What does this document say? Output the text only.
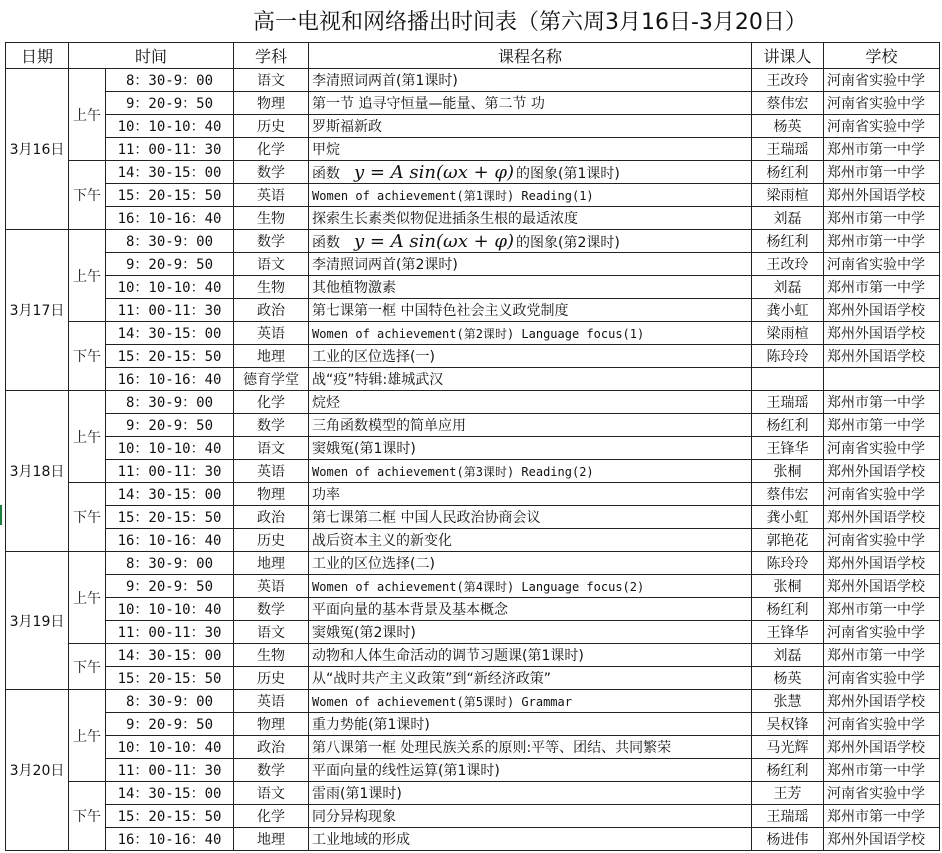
高一电视和网络播出时间表（第六周3月16日-3月20日）
日期	时间		学科	课程名称	讲课人	学校
3月16日	上午	8：30-9：00	语文	李清照词两首(第1课时)	王改玲	河南省实验中学
		9：20-9：50	物理	第一节 追寻守恒量—能量、第二节 功	蔡伟宏	河南省实验中学
		10：10-10：40	历史	罗斯福新政	杨英	河南省实验中学
		11：00-11：30	化学	甲烷	王瑞瑶	郑州市第一中学
	下午	14：30-15：00	数学	函数 y = A sin(ωx + φ) 的图象(第1课时)	杨红利	郑州市第一中学
		15：20-15：50	英语	Women of achievement(第1课时) Reading(1)	梁雨楦	郑州外国语学校
		16：10-16：40	生物	探索生长素类似物促进插条生根的最适浓度	刘磊	郑州市第一中学
3月17日	上午	8：30-9：00	数学	函数 y = A sin(ωx + φ) 的图象(第2课时)	杨红利	郑州市第一中学
		9：20-9：50	语文	李清照词两首(第2课时)	王改玲	河南省实验中学
		10：10-10：40	生物	其他植物激素	刘磊	郑州市第一中学
		11：00-11：30	政治	第七课第一框 中国特色社会主义政党制度	龚小虹	郑州外国语学校
	下午	14：30-15：00	英语	Women of achievement(第2课时) Language focus(1)	梁雨楦	郑州外国语学校
		15：20-15：50	地理	工业的区位选择(一)	陈玲玲	郑州外国语学校
		16：10-16：40	德育学堂	战“疫”特辑:雄城武汉		
3月18日	上午	8：30-9：00	化学	烷烃	王瑞瑶	郑州市第一中学
		9：20-9：50	数学	三角函数模型的简单应用	杨红利	郑州市第一中学
		10：10-10：40	语文	窦娥冤(第1课时)	王锋华	河南省实验中学
		11：00-11：30	英语	Women of achievement(第3课时) Reading(2)	张桐	郑州外国语学校
	下午	14：30-15：00	物理	功率	蔡伟宏	河南省实验中学
		15：20-15：50	政治	第七课第二框 中国人民政治协商会议	龚小虹	郑州外国语学校
		16：10-16：40	历史	战后资本主义的新变化	郭艳花	河南省实验中学
3月19日	上午	8：30-9：00	地理	工业的区位选择(二)	陈玲玲	郑州外国语学校
		9：20-9：50	英语	Women of achievement(第4课时) Language focus(2)	张桐	郑州外国语学校
		10：10-10：40	数学	平面向量的基本背景及基本概念	杨红利	郑州市第一中学
		11：00-11：30	语文	窦娥冤(第2课时)	王锋华	河南省实验中学
	下午	14：30-15：00	生物	动物和人体生命活动的调节习题课(第1课时)	刘磊	郑州市第一中学
		15：20-15：50	历史	从“战时共产主义政策”到“新经济政策”	杨英	河南省实验中学
3月20日	上午	8：30-9：00	英语	Women of achievement(第5课时) Grammar	张慧	郑州外国语学校
		9：20-9：50	物理	重力势能(第1课时)	吴权锋	河南省实验中学
		10：10-10：40	政治	第八课第一框 处理民族关系的原则:平等、团结、共同繁荣	马光辉	郑州外国语学校
		11：00-11：30	数学	平面向量的线性运算(第1课时)	杨红利	郑州市第一中学
	下午	14：30-15：00	语文	雷雨(第1课时)	王芳	河南省实验中学
		15：20-15：50	化学	同分异构现象	王瑞瑶	郑州市第一中学
		16：10-16：40	地理	工业地域的形成	杨进伟	郑州外国语学校
